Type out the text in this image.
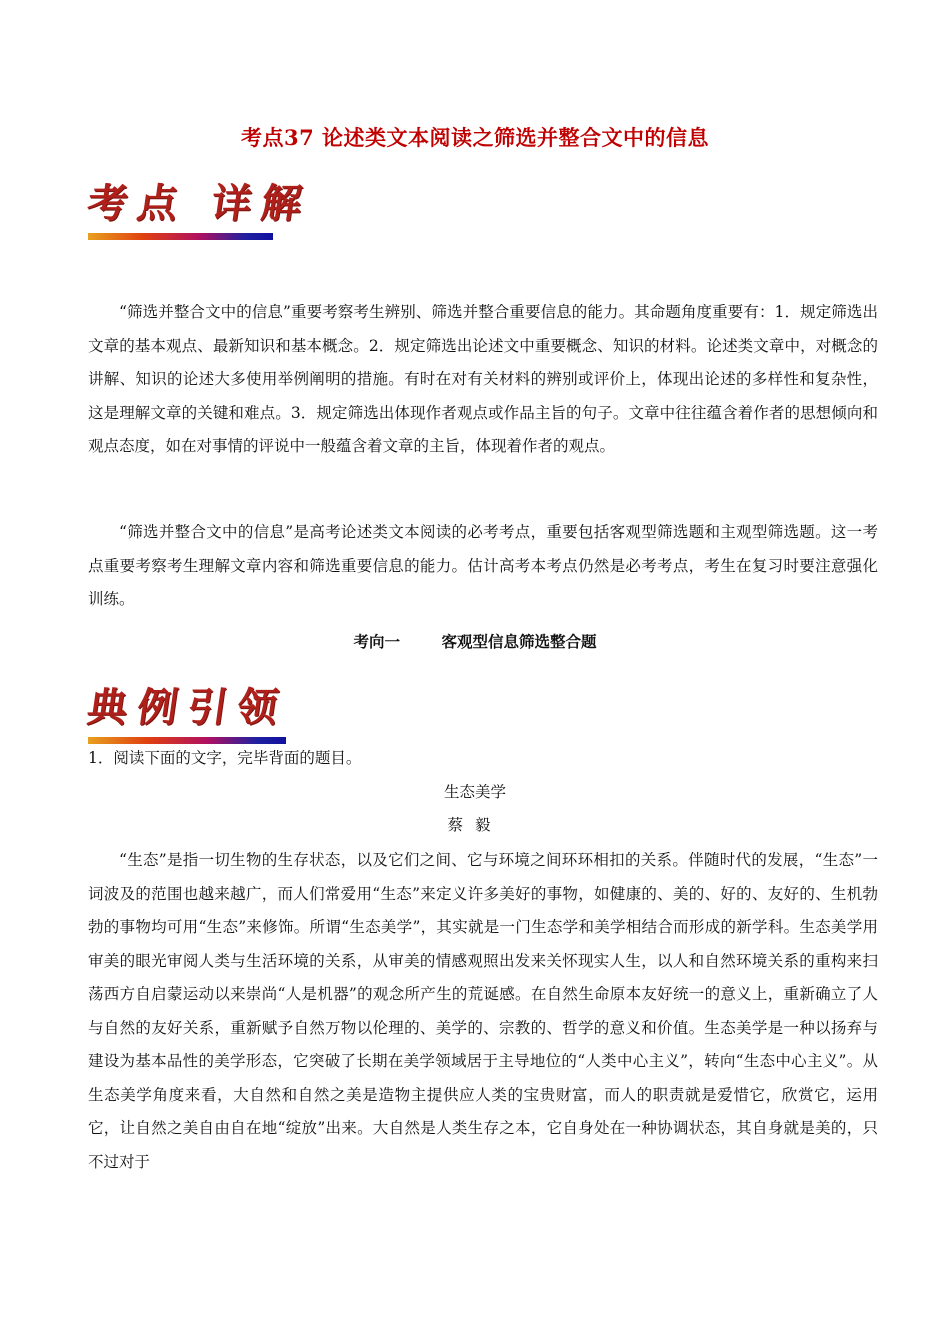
考点37 论述类文本阅读之筛选并整合文中的信息
考点 详解

“筛选并整合文中的信息”重要考察考生辨别、筛选并整合重要信息的能力。其命题角度重要有：1．规定筛选出文章的基本观点、最新知识和基本概念。2．规定筛选出论述文中重要概念、知识的材料。论述类文章中，对概念的讲解、知识的论述大多使用举例阐明的措施。有时在对有关材料的辨别或评价上，体现出论述的多样性和复杂性，这是理解文章的关键和难点。3．规定筛选出体现作者观点或作品主旨的句子。文章中往往蕴含着作者的思想倾向和观点态度，如在对事情的评说中一般蕴含着文章的主旨，体现着作者的观点。

“筛选并整合文中的信息”是高考论述类文本阅读的必考考点，重要包括客观型筛选题和主观型筛选题。这一考点重要考察考生理解文章内容和筛选重要信息的能力。估计高考本考点仍然是必考考点，考生在复习时要注意强化训练。

考向一	客观型信息筛选整合题
典例引领

1．阅读下面的文字，完毕背面的题目。

生态美学
蔡毅

“生态”是指一切生物的生存状态，以及它们之间、它与环境之间环环相扣的关系。伴随时代的发展，“生态”一词波及的范围也越来越广，而人们常爱用“生态”来定义许多美好的事物，如健康的、美的、好的、友好的、生机勃勃的事物均可用“生态”来修饰。所谓“生态美学”，其实就是一门生态学和美学相结合而形成的新学科。生态美学用审美的眼光审阅人类与生活环境的关系，从审美的情感观照出发来关怀现实人生，以人和自然环境关系的重构来扫荡西方自启蒙运动以来崇尚“人是机器”的观念所产生的荒诞感。在自然生命原本友好统一的意义上，重新确立了人与自然的友好关系，重新赋予自然万物以伦理的、美学的、宗教的、哲学的意义和价值。生态美学是一种以扬弃与建设为基本品性的美学形态，它突破了长期在美学领域居于主导地位的“人类中心主义”，转向“生态中心主义”。从生态美学角度来看，大自然和自然之美是造物主提供应人类的宝贵财富，而人的职责就是爱惜它，欣赏它，运用它，让自然之美自由自在地“绽放”出来。大自然是人类生存之本，它自身处在一种协调状态，其自身就是美的，只不过对于
